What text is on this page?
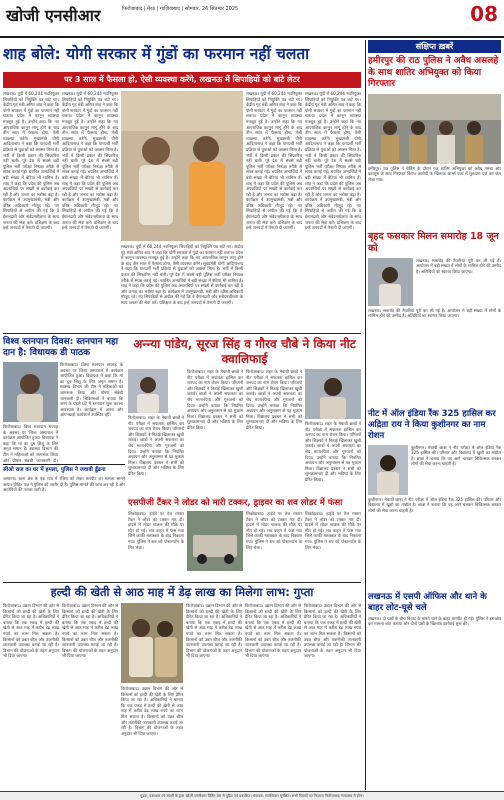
खोजी एनसीआर	फिरोजाबाद | मेरठ | गाजियाबाद | सोमवार, 26 सितम्बर 2025	08
शाह बोले: योगी सरकार में गुंडों का फरमान नहीं चलता
पर 3 साल में फैसला हो, ऐसी व्यवस्था करेंगे, लखनऊ में सिपाहियों को बांटे लेटर
लखनऊ। यूपी में 60,244 नवनियुक्त सिपाहियों को नियुक्ति पत्र बांटे गए। केंद्रीय गृह मंत्री अमित शाह ने कहा कि योगी सरकार में गुंडों का फरमान नहीं चलता। प्रदेश में कानून व्यवस्था मजबूत हुई है। उन्होंने कहा कि नए आपराधिक कानून लागू होने के बाद तीन साल में फैसला होगा, ऐसी व्यवस्था करेंगे। मुख्यमंत्री योगी आदित्यनाथ ने कहा कि पारदर्शी भर्ती प्रक्रिया से युवाओं को अवसर मिला है। भर्ती में किसी प्रकार की सिफारिश नहीं चली। पूरे देश में सबसे बड़ी पुलिस भर्ती परीक्षा निष्पक्ष तरीके से संपन्न कराई गई। चयनित अभ्यर्थियों में बड़ी संख्या में बेटियां भी शामिल हैं। शाह ने कहा कि प्रदेश की पुलिस अब अपराधियों पर सख्ती से कार्रवाई कर रही है और जनता का भरोसा बढ़ा है। कार्यक्रम में उपमुख्यमंत्री, मंत्री और वरिष्ठ अधिकारी मौजूद रहे। नए सिपाहियों से अपील की गई कि वे ईमानदारी और संवेदनशीलता के साथ जनता की सेवा करें। प्रशिक्षण के बाद इन्हें जनपदों में तैनाती दी जाएगी।
लखनऊ। यूपी में 60,244 नवनियुक्त सिपाहियों को नियुक्ति पत्र बांटे गए। केंद्रीय गृह मंत्री अमित शाह ने कहा कि योगी सरकार में गुंडों का फरमान नहीं चलता। प्रदेश में कानून व्यवस्था मजबूत हुई है। उन्होंने कहा कि नए आपराधिक कानून लागू होने के बाद तीन साल में फैसला होगा, ऐसी व्यवस्था करेंगे। मुख्यमंत्री योगी आदित्यनाथ ने कहा कि पारदर्शी भर्ती प्रक्रिया से युवाओं को अवसर मिला है। भर्ती में किसी प्रकार की सिफारिश नहीं चली। पूरे देश में सबसे बड़ी पुलिस भर्ती परीक्षा निष्पक्ष तरीके से संपन्न कराई गई। चयनित अभ्यर्थियों में बड़ी संख्या में बेटियां भी शामिल हैं। शाह ने कहा कि प्रदेश की पुलिस अब अपराधियों पर सख्ती से कार्रवाई कर रही है और जनता का भरोसा बढ़ा है। कार्यक्रम में उपमुख्यमंत्री, मंत्री और वरिष्ठ अधिकारी मौजूद रहे। नए सिपाहियों से अपील की गई कि वे ईमानदारी और संवेदनशीलता के साथ जनता की सेवा करें। प्रशिक्षण के बाद इन्हें जनपदों में तैनाती दी जाएगी।
लखनऊ। यूपी में 60,244 नवनियुक्त सिपाहियों को नियुक्ति पत्र बांटे गए। केंद्रीय गृह मंत्री अमित शाह ने कहा कि योगी सरकार में गुंडों का फरमान नहीं चलता। प्रदेश में कानून व्यवस्था मजबूत हुई है। उन्होंने कहा कि नए आपराधिक कानून लागू होने के बाद तीन साल में फैसला होगा, ऐसी व्यवस्था करेंगे। मुख्यमंत्री योगी आदित्यनाथ ने कहा कि पारदर्शी भर्ती प्रक्रिया से युवाओं को अवसर मिला है। भर्ती में किसी प्रकार की सिफारिश नहीं चली। पूरे देश में सबसे बड़ी पुलिस भर्ती परीक्षा निष्पक्ष तरीके से संपन्न कराई गई। चयनित अभ्यर्थियों में बड़ी संख्या में बेटियां भी शामिल हैं। शाह ने कहा कि प्रदेश की पुलिस अब अपराधियों पर सख्ती से कार्रवाई कर रही है और जनता का भरोसा बढ़ा है। कार्यक्रम में उपमुख्यमंत्री, मंत्री और वरिष्ठ अधिकारी मौजूद रहे। नए सिपाहियों से अपील की गई कि वे ईमानदारी और संवेदनशीलता के साथ जनता की सेवा करें। प्रशिक्षण के बाद इन्हें जनपदों में तैनाती दी जाएगी।
लखनऊ। यूपी में 60,244 नवनियुक्त सिपाहियों को नियुक्ति पत्र बांटे गए। केंद्रीय गृह मंत्री अमित शाह ने कहा कि योगी सरकार में गुंडों का फरमान नहीं चलता। प्रदेश में कानून व्यवस्था मजबूत हुई है। उन्होंने कहा कि नए आपराधिक कानून लागू होने के बाद तीन साल में फैसला होगा, ऐसी व्यवस्था करेंगे। मुख्यमंत्री योगी आदित्यनाथ ने कहा कि पारदर्शी भर्ती प्रक्रिया से युवाओं को अवसर मिला है। भर्ती में किसी प्रकार की सिफारिश नहीं चली। पूरे देश में सबसे बड़ी पुलिस भर्ती परीक्षा निष्पक्ष तरीके से संपन्न कराई गई। चयनित अभ्यर्थियों में बड़ी संख्या में बेटियां भी शामिल हैं। शाह ने कहा कि प्रदेश की पुलिस अब अपराधियों पर सख्ती से कार्रवाई कर रही है और जनता का भरोसा बढ़ा है। कार्यक्रम में उपमुख्यमंत्री, मंत्री और वरिष्ठ अधिकारी मौजूद रहे। नए सिपाहियों से अपील की गई कि वे ईमानदारी और संवेदनशीलता के साथ जनता की सेवा करें। प्रशिक्षण के बाद इन्हें जनपदों में तैनाती दी जाएगी।
लखनऊ। यूपी में 60,244 नवनियुक्त सिपाहियों को नियुक्ति पत्र बांटे गए। केंद्रीय गृह मंत्री अमित शाह ने कहा कि योगी सरकार में गुंडों का फरमान नहीं चलता। प्रदेश में कानून व्यवस्था मजबूत हुई है। उन्होंने कहा कि नए आपराधिक कानून लागू होने के बाद तीन साल में फैसला होगा, ऐसी व्यवस्था करेंगे। मुख्यमंत्री योगी आदित्यनाथ ने कहा कि पारदर्शी भर्ती प्रक्रिया से युवाओं को अवसर मिला है। भर्ती में किसी प्रकार की सिफारिश नहीं चली। पूरे देश में सबसे बड़ी पुलिस भर्ती परीक्षा निष्पक्ष तरीके से संपन्न कराई गई। चयनित अभ्यर्थियों में बड़ी संख्या में बेटियां भी शामिल हैं। शाह ने कहा कि प्रदेश की पुलिस अब अपराधियों पर सख्ती से कार्रवाई कर रही है और जनता का भरोसा बढ़ा है। कार्यक्रम में उपमुख्यमंत्री, मंत्री और वरिष्ठ अधिकारी मौजूद रहे। नए सिपाहियों से अपील की गई कि वे ईमानदारी और संवेदनशीलता के साथ जनता की सेवा करें। प्रशिक्षण के बाद इन्हें जनपदों में तैनाती दी जाएगी।
विश्व स्तनपान दिवस: स्तनपान महा दान है: विधायक डी पाठक
फिरोजाबाद। विश्व स्तनपान सप्ताह के अवसर पर जिला अस्पताल में कार्यक्रम आयोजित हुआ। विधायक ने कहा कि मां का दूध शिशु के लिए अमृत समान है। स्वास्थ्य विभाग की टीम ने महिलाओं को जागरूक किया और पोषण संबंधी जानकारी दी। चिकित्सकों ने बताया कि जन्म के पहले घंटे में स्तनपान शुरू कराना आवश्यक है। कार्यक्रम में आशा और आंगनबाड़ी कार्यकर्ता उपस्थित रहीं।
फिरोजाबाद। विश्व स्तनपान सप्ताह के अवसर पर जिला अस्पताल में कार्यक्रम आयोजित हुआ। विधायक ने कहा कि मां का दूध शिशु के लिए अमृत समान है। स्वास्थ्य विभाग की टीम ने महिलाओं को जागरूक किया और पोषण संबंधी जानकारी दी।
अन्न्या पांडेय, सूरज सिंह व गौरव चौबे ने किया नीट क्वालिफाई
फिरोजाबाद। शहर के मेधावी छात्रों ने नीट परीक्षा में सफलता हासिल कर जनपद का नाम रोशन किया। परिजनों और शिक्षकों ने मिठाई खिलाकर खुशी जताई। छात्रों ने अपनी सफलता का श्रेय माता-पिता और गुरुजनों को दिया। उन्होंने बताया कि नियमित अध्ययन और अनुशासन से यह मुकाम मिला। विद्यालय प्रबंधन ने सभी को शुभकामनाएं दीं और भविष्य के लिए प्रेरित किया।
फिरोजाबाद। शहर के मेधावी छात्रों ने नीट परीक्षा में सफलता हासिल कर जनपद का नाम रोशन किया। परिजनों और शिक्षकों ने मिठाई खिलाकर खुशी जताई। छात्रों ने अपनी सफलता का श्रेय माता-पिता और गुरुजनों को दिया। उन्होंने बताया कि नियमित अध्ययन और अनुशासन से यह मुकाम मिला। विद्यालय प्रबंधन ने सभी को शुभकामनाएं दीं और भविष्य के लिए प्रेरित किया।
फिरोजाबाद। शहर के मेधावी छात्रों ने नीट परीक्षा में सफलता हासिल कर जनपद का नाम रोशन किया। परिजनों और शिक्षकों ने मिठाई खिलाकर खुशी जताई। छात्रों ने अपनी सफलता का श्रेय माता-पिता और गुरुजनों को दिया। उन्होंने बताया कि नियमित अध्ययन और अनुशासन से यह मुकाम मिला। विद्यालय प्रबंधन ने सभी को शुभकामनाएं दीं और भविष्य के लिए प्रेरित किया।
फिरोजाबाद। शहर के मेधावी छात्रों ने नीट परीक्षा में सफलता हासिल कर जनपद का नाम रोशन किया। परिजनों और शिक्षकों ने मिठाई खिलाकर खुशी जताई। छात्रों ने अपनी सफलता का श्रेय माता-पिता और गुरुजनों को दिया। उन्होंने बताया कि नियमित अध्ययन और अनुशासन से यह मुकाम मिला। विद्यालय प्रबंधन ने सभी को शुभकामनाएं दीं और भविष्य के लिए प्रेरित किया।
सीओ राज का घर में हमला, पुलिस ने जवाबी ढूँढना
जसराना। थाना क्षेत्र के एक गांव में रंजिश को लेकर मारपीट का मामला सामने आया। पीड़ित पक्ष ने पुलिस को तहरीर दी है। पुलिस मामले की जांच कर रही है और आरोपियों की तलाश जारी है।
एसपीजी टैंकर ने लोडर को मारी टक्कर, ड्राइवर का शव लोडर में फंसा
शिकोहाबाद। हाईवे पर तेज रफ्तार टैंकर ने लोडर को टक्कर मार दी। हादसे में लोडर चालक की मौके पर मौत हो गई। शव वाहन में फंस गया जिसे काफी मशक्कत के बाद निकाला गया। पुलिस ने शव को पोस्टमार्टम के लिए भेजा।
शिकोहाबाद। हाईवे पर तेज रफ्तार टैंकर ने लोडर को टक्कर मार दी। हादसे में लोडर चालक की मौके पर मौत हो गई। शव वाहन में फंस गया जिसे काफी मशक्कत के बाद निकाला गया। पुलिस ने शव को पोस्टमार्टम के लिए भेजा।
शिकोहाबाद। हाईवे पर तेज रफ्तार टैंकर ने लोडर को टक्कर मार दी। हादसे में लोडर चालक की मौके पर मौत हो गई। शव वाहन में फंस गया जिसे काफी मशक्कत के बाद निकाला गया। पुलिस ने शव को पोस्टमार्टम के लिए भेजा।
हल्दी की खेती से आठ माह में डेढ़ लाख का मिलेगा लाभ: गुप्ता
फिरोजाबाद। उद्यान विभाग की ओर से किसानों को हल्दी की खेती के लिए प्रेरित किया जा रहा है। अधिकारियों ने बताया कि एक एकड़ में हल्दी की खेती से आठ माह में करीब डेढ़ लाख रुपये का लाभ मिल सकता है। किसानों को उन्नत बीज और तकनीकी जानकारी उपलब्ध कराई जा रही है। विभाग की योजनाओं के तहत अनुदान भी दिया जाएगा।
फिरोजाबाद। उद्यान विभाग की ओर से किसानों को हल्दी की खेती के लिए प्रेरित किया जा रहा है। अधिकारियों ने बताया कि एक एकड़ में हल्दी की खेती से आठ माह में करीब डेढ़ लाख रुपये का लाभ मिल सकता है। किसानों को उन्नत बीज और तकनीकी जानकारी उपलब्ध कराई जा रही है। विभाग की योजनाओं के तहत अनुदान भी दिया जाएगा।
फिरोजाबाद। उद्यान विभाग की ओर से किसानों को हल्दी की खेती के लिए प्रेरित किया जा रहा है। अधिकारियों ने बताया कि एक एकड़ में हल्दी की खेती से आठ माह में करीब डेढ़ लाख रुपये का लाभ मिल सकता है। किसानों को उन्नत बीज और तकनीकी जानकारी उपलब्ध कराई जा रही है। विभाग की योजनाओं के तहत अनुदान भी दिया जाएगा।
फिरोजाबाद। उद्यान विभाग की ओर से किसानों को हल्दी की खेती के लिए प्रेरित किया जा रहा है। अधिकारियों ने बताया कि एक एकड़ में हल्दी की खेती से आठ माह में करीब डेढ़ लाख रुपये का लाभ मिल सकता है। किसानों को उन्नत बीज और तकनीकी जानकारी उपलब्ध कराई जा रही है। विभाग की योजनाओं के तहत अनुदान भी दिया जाएगा।
फिरोजाबाद। उद्यान विभाग की ओर से किसानों को हल्दी की खेती के लिए प्रेरित किया जा रहा है। अधिकारियों ने बताया कि एक एकड़ में हल्दी की खेती से आठ माह में करीब डेढ़ लाख रुपये का लाभ मिल सकता है। किसानों को उन्नत बीज और तकनीकी जानकारी उपलब्ध कराई जा रही है। विभाग की योजनाओं के तहत अनुदान भी दिया जाएगा।
फिरोजाबाद। उद्यान विभाग की ओर से किसानों को हल्दी की खेती के लिए प्रेरित किया जा रहा है। अधिकारियों ने बताया कि एक एकड़ में हल्दी की खेती से आठ माह में करीब डेढ़ लाख रुपये का लाभ मिल सकता है। किसानों को उन्नत बीज और तकनीकी जानकारी उपलब्ध कराई जा रही है। विभाग की योजनाओं के तहत अनुदान भी दिया जाएगा।
संक्षिप्त ख़बरें
हमीरपुर की राठ पुलिस ने अवैध असलहे के साथ शातिर अभियुक्त को किया गिरफ्तार
हमीरपुर। राठ पुलिस ने चेकिंग के दौरान एक शातिर अभियुक्त को अवैध तमंचा और कारतूस के साथ गिरफ्तार किया। आरोपी के खिलाफ आर्म्स एक्ट में मुकदमा दर्ज कर जेल भेजा गया।
बृहद फसकार मिलन समारोह 18 जून को
लखनऊ। समारोह की तैयारियां पूरी कर ली गई हैं। आयोजन में बड़ी संख्या में लोगों के शामिल होने की उम्मीद है। अतिथियों का स्वागत किया जाएगा।
लखनऊ। समारोह की तैयारियां पूरी कर ली गई हैं। आयोजन में बड़ी संख्या में लोगों के शामिल होने की उम्मीद है। अतिथियों का स्वागत किया जाएगा।
नीट में ऑल इंडिया रैंक 325 हासिल कर अद्रिता राय ने किया कुशीनगर का नाम रोशन
कुशीनगर। मेधावी छात्रा ने नीट परीक्षा में ऑल इंडिया रैंक 325 हासिल की। परिवार और विद्यालय में खुशी का माहौल है। छात्रा ने बताया कि वह आगे चलकर चिकित्सक बनकर लोगों की सेवा करना चाहती है।
कुशीनगर। मेधावी छात्रा ने नीट परीक्षा में ऑल इंडिया रैंक 325 हासिल की। परिवार और विद्यालय में खुशी का माहौल है। छात्रा ने बताया कि वह आगे चलकर चिकित्सक बनकर लोगों की सेवा करना चाहती है।
लखनऊ में एसपी ऑफिस और थाने के बाहर लोट-घूसे चले
लखनऊ। दो पक्षों के बीच विवाद के चलते थाने के बाहर मारपीट हो गई। पुलिस ने हस्तक्षेप कर मामला शांत कराया और दोनों पक्षों के खिलाफ कार्रवाई शुरू की।
मुद्रक, प्रकाशक एवं स्वामी के द्वारा खोजी एनसीआर प्रिंटिंग प्रेस से मुद्रित एवं प्रकाशित। संपादक: सर्वाधिकार सुरक्षित। सभी विवादों का निपटारा फिरोजाबाद न्यायालय में होगा।
